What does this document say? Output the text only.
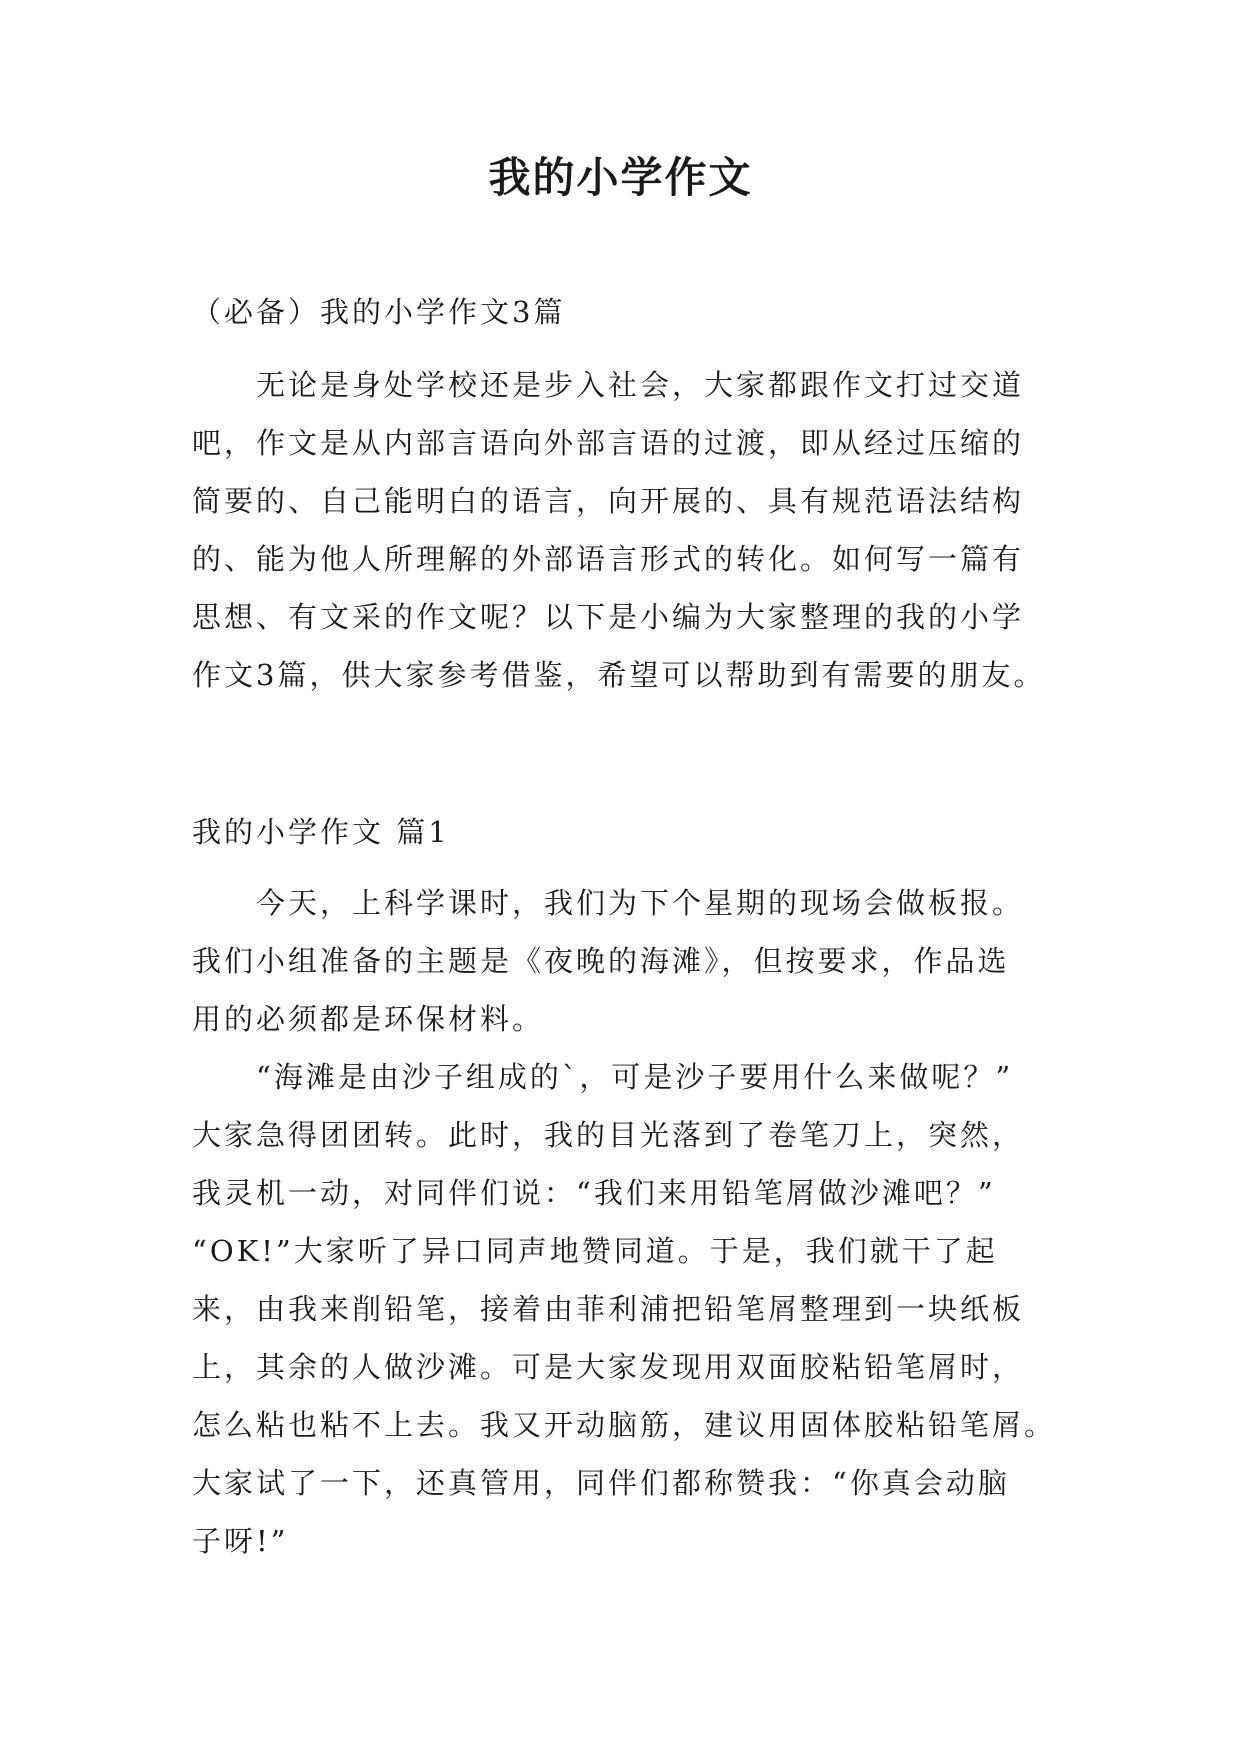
我的小学作文
（必备）我的小学作文3篇
　　无论是身处学校还是步入社会，大家都跟作文打过交道
吧，作文是从内部言语向外部言语的过渡，即从经过压缩的
简要的、自己能明白的语言，向开展的、具有规范语法结构
的、能为他人所理解的外部语言形式的转化。如何写一篇有
思想、有文采的作文呢？以下是小编为大家整理的我的小学
作文3篇，供大家参考借鉴，希望可以帮助到有需要的朋友。
我的小学作文 篇1
　　今天，上科学课时，我们为下个星期的现场会做板报。
我们小组准备的主题是《夜晚的海滩》，但按要求，作品选
用的必须都是环保材料。
　　“海滩是由沙子组成的`，可是沙子要用什么来做呢？”
大家急得团团转。此时，我的目光落到了卷笔刀上，突然，
我灵机一动，对同伴们说：“我们来用铅笔屑做沙滩吧？”
“OK!”大家听了异口同声地赞同道。于是，我们就干了起
来，由我来削铅笔，接着由菲利浦把铅笔屑整理到一块纸板
上，其余的人做沙滩。可是大家发现用双面胶粘铅笔屑时，
怎么粘也粘不上去。我又开动脑筋，建议用固体胶粘铅笔屑。
大家试了一下，还真管用，同伴们都称赞我：“你真会动脑
子呀!”
